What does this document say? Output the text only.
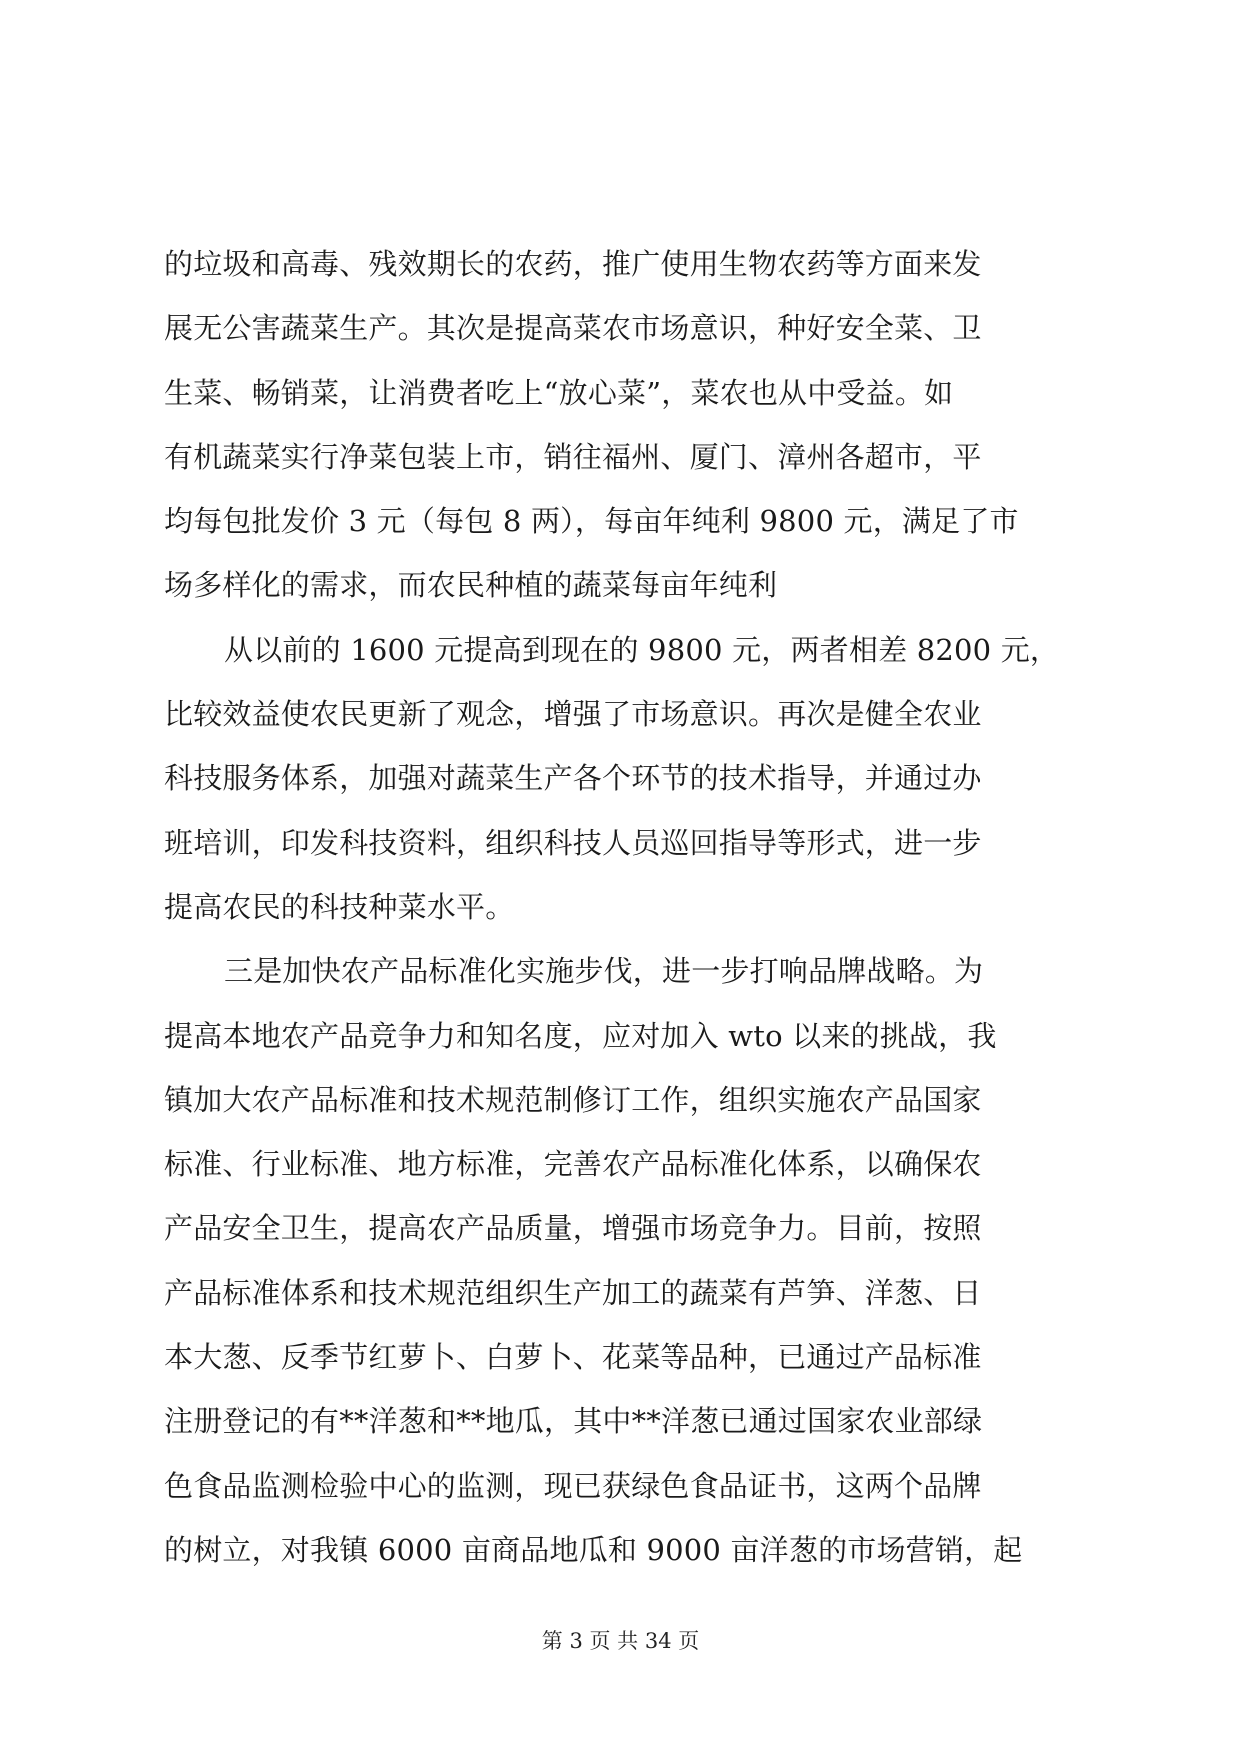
的垃圾和高毒、残效期长的农药，推广使用生物农药等方面来发
展无公害蔬菜生产。其次是提高菜农市场意识，种好安全菜、卫
生菜、畅销菜，让消费者吃上“放心菜”，菜农也从中受益。如
有机蔬菜实行净菜包装上市，销往福州、厦门、漳州各超市，平
均每包批发价 3 元（每包 8 两），每亩年纯利 9800 元，满足了市
场多样化的需求，而农民种植的蔬菜每亩年纯利
从以前的 1600 元提高到现在的 9800 元，两者相差 8200 元，
比较效益使农民更新了观念，增强了市场意识。再次是健全农业
科技服务体系，加强对蔬菜生产各个环节的技术指导，并通过办
班培训，印发科技资料，组织科技人员巡回指导等形式，进一步
提高农民的科技种菜水平。
三是加快农产品标准化实施步伐，进一步打响品牌战略。为
提高本地农产品竞争力和知名度，应对加入 wto 以来的挑战，我
镇加大农产品标准和技术规范制修订工作，组织实施农产品国家
标准、行业标准、地方标准，完善农产品标准化体系，以确保农
产品安全卫生，提高农产品质量，增强市场竞争力。目前，按照
产品标准体系和技术规范组织生产加工的蔬菜有芦笋、洋葱、日
本大葱、反季节红萝卜、白萝卜、花菜等品种，已通过产品标准
注册登记的有**洋葱和**地瓜，其中**洋葱已通过国家农业部绿
色食品监测检验中心的监测，现已获绿色食品证书，这两个品牌
的树立，对我镇 6000 亩商品地瓜和 9000 亩洋葱的市场营销，起
第 3 页 共 34 页
